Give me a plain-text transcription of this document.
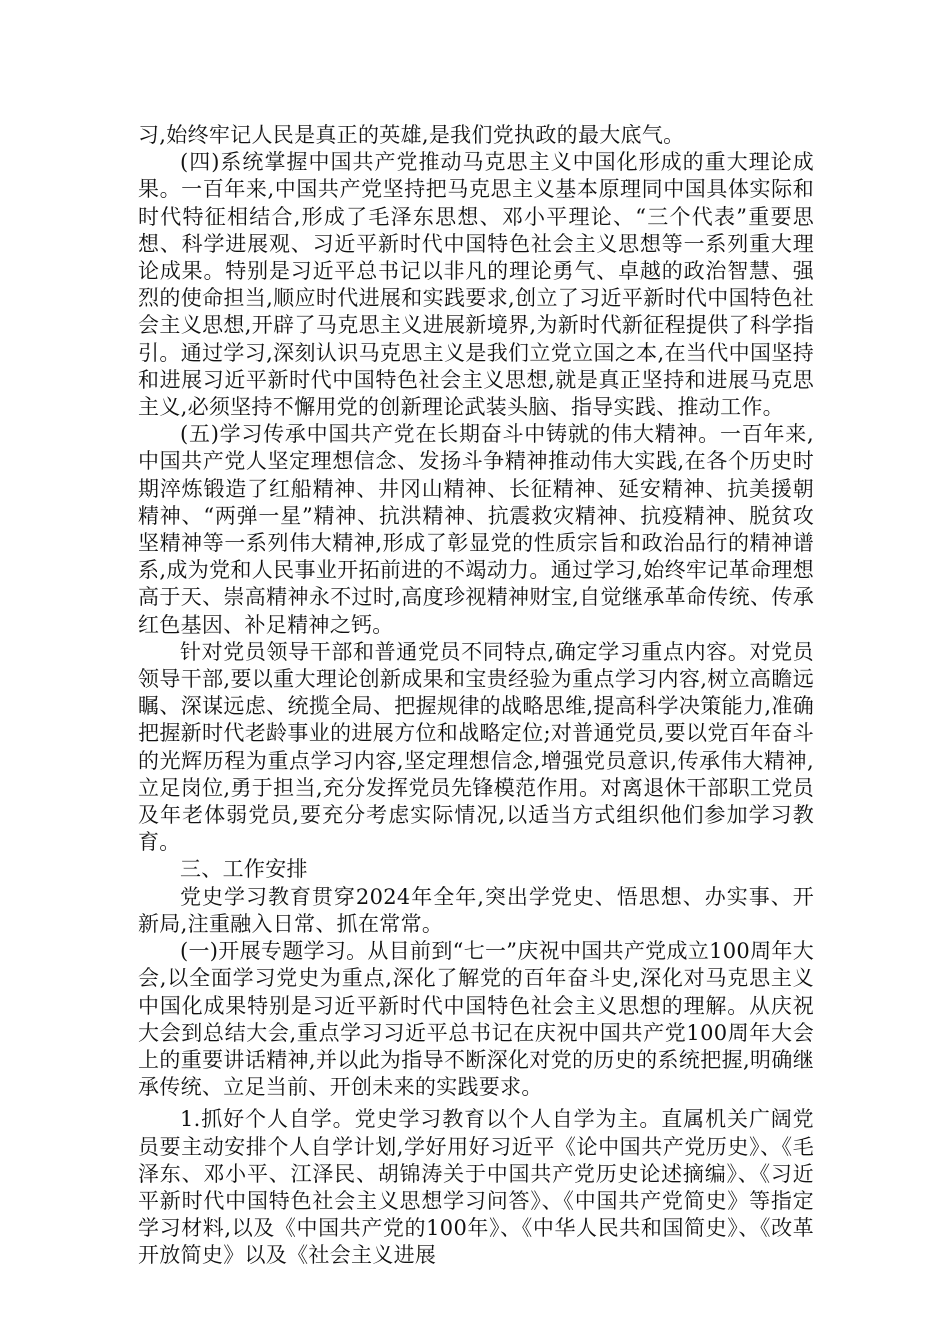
习,始终牢记人民是真正的英雄,是我们党执政的最大底气。

(四)系统掌握中国共产党推动马克思主义中国化形成的重大理论成果。一百年来,中国共产党坚持把马克思主义基本原理同中国具体实际和时代特征相结合,形成了毛泽东思想、邓小平理论、“三个代表”重要思想、科学进展观、习近平新时代中国特色社会主义思想等一系列重大理论成果。特别是习近平总书记以非凡的理论勇气、卓越的政治智慧、强烈的使命担当,顺应时代进展和实践要求,创立了习近平新时代中国特色社会主义思想,开辟了马克思主义进展新境界,为新时代新征程提供了科学指引。通过学习,深刻认识马克思主义是我们立党立国之本,在当代中国坚持和进展习近平新时代中国特色社会主义思想,就是真正坚持和进展马克思主义,必须坚持不懈用党的创新理论武装头脑、指导实践、推动工作。

(五)学习传承中国共产党在长期奋斗中铸就的伟大精神。一百年来,中国共产党人坚定理想信念、发扬斗争精神推动伟大实践,在各个历史时期淬炼锻造了红船精神、井冈山精神、长征精神、延安精神、抗美援朝精神、“两弹一星”精神、抗洪精神、抗震救灾精神、抗疫精神、脱贫攻坚精神等一系列伟大精神,形成了彰显党的性质宗旨和政治品行的精神谱系,成为党和人民事业开拓前进的不竭动力。通过学习,始终牢记革命理想高于天、崇高精神永不过时,高度珍视精神财宝,自觉继承革命传统、传承红色基因、补足精神之钙。

针对党员领导干部和普通党员不同特点,确定学习重点内容。对党员领导干部,要以重大理论创新成果和宝贵经验为重点学习内容,树立高瞻远瞩、深谋远虑、统揽全局、把握规律的战略思维,提高科学决策能力,准确把握新时代老龄事业的进展方位和战略定位;对普通党员,要以党百年奋斗的光辉历程为重点学习内容,坚定理想信念,增强党员意识,传承伟大精神,立足岗位,勇于担当,充分发挥党员先锋模范作用。对离退休干部职工党员及年老体弱党员,要充分考虑实际情况,以适当方式组织他们参加学习教育。

三、工作安排

党史学习教育贯穿2024年全年,突出学党史、悟思想、办实事、开新局,注重融入日常、抓在常常。

(一)开展专题学习。从目前到“七一”庆祝中国共产党成立100周年大会,以全面学习党史为重点,深化了解党的百年奋斗史,深化对马克思主义中国化成果特别是习近平新时代中国特色社会主义思想的理解。从庆祝大会到总结大会,重点学习习近平总书记在庆祝中国共产党100周年大会上的重要讲话精神,并以此为指导不断深化对党的历史的系统把握,明确继承传统、立足当前、开创未来的实践要求。

1.抓好个人自学。党史学习教育以个人自学为主。直属机关广阔党员要主动安排个人自学计划,学好用好习近平《论中国共产党历史》、《毛泽东、邓小平、江泽民、胡锦涛关于中国共产党历史论述摘编》、《习近平新时代中国特色社会主义思想学习问答》、《中国共产党简史》等指定学习材料,以及《中国共产党的100年》、《中华人民共和国简史》、《改革开放简史》以及《社会主义进展
